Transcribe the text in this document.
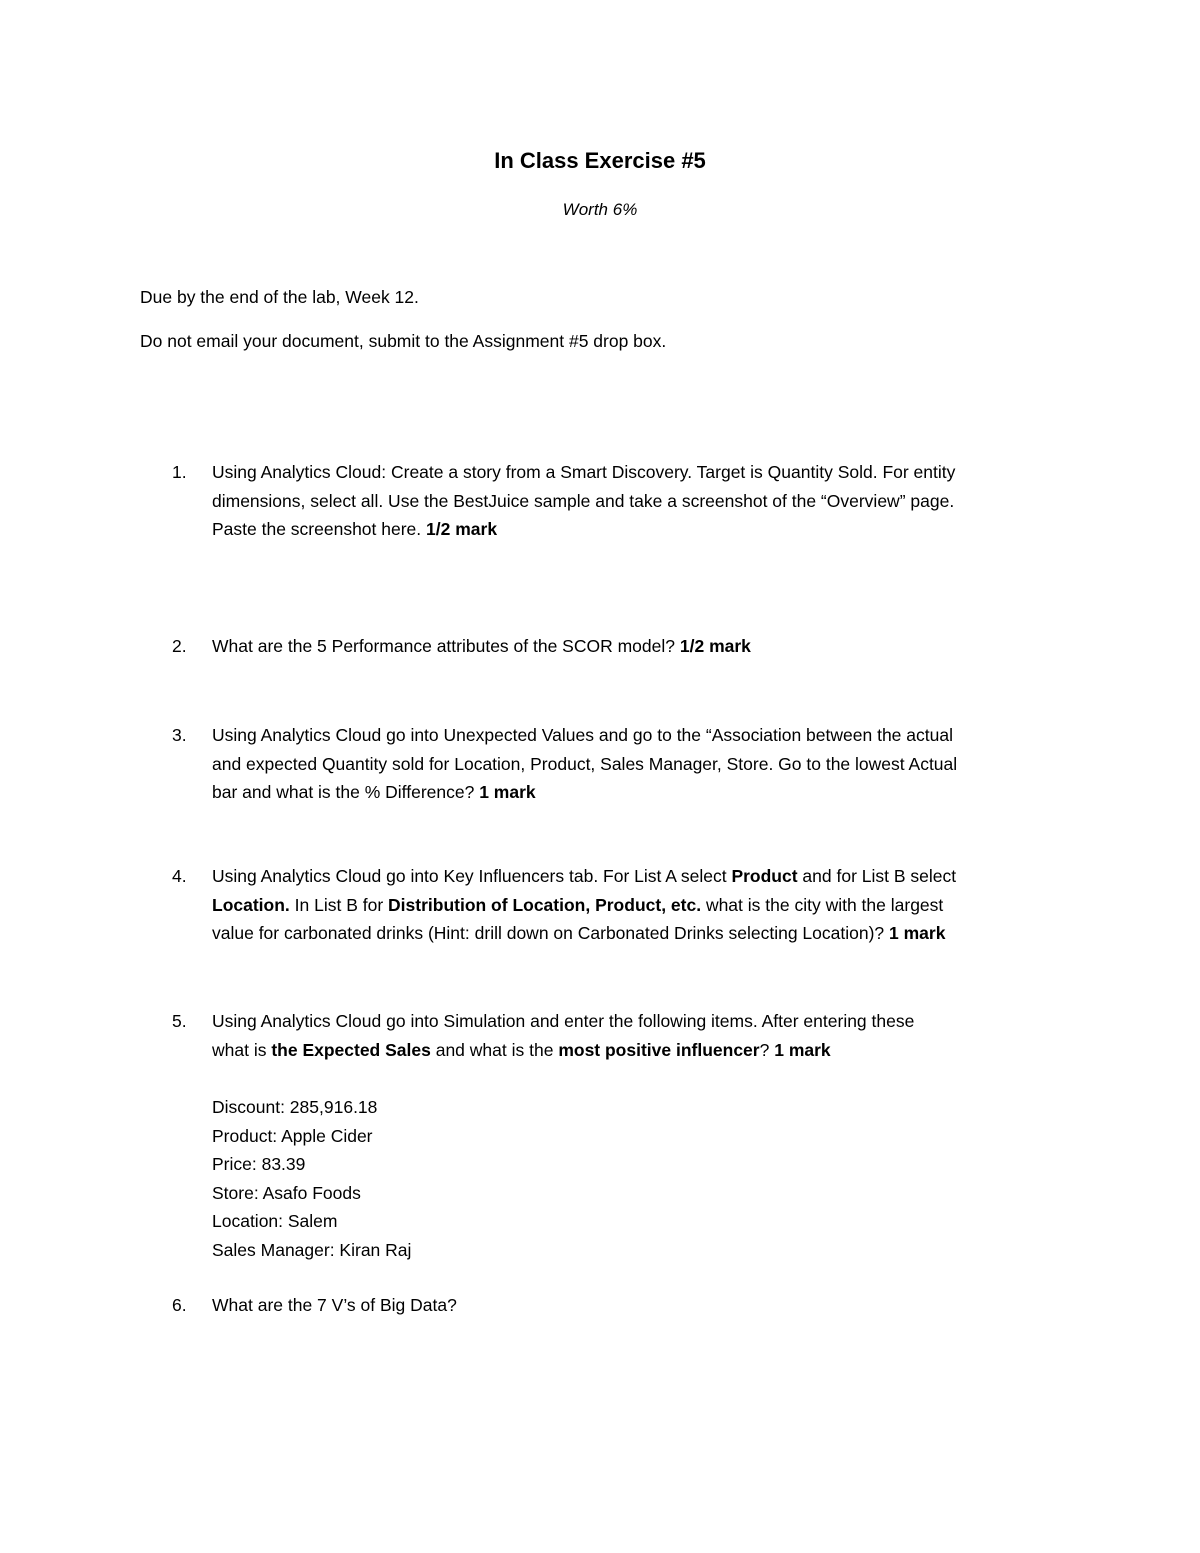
In Class Exercise #5
Worth 6%
Due by the end of the lab, Week 12.
Do not email your document, submit to the Assignment #5 drop box.
1. Using Analytics Cloud: Create a story from a Smart Discovery. Target is Quantity Sold. For entity
dimensions, select all. Use the BestJuice sample and take a screenshot of the “Overview” page.
Paste the screenshot here. 1/2 mark
2. What are the 5 Performance attributes of the SCOR model? 1/2 mark
3. Using Analytics Cloud go into Unexpected Values and go to the “Association between the actual
and expected Quantity sold for Location, Product, Sales Manager, Store. Go to the lowest Actual
bar and what is the % Difference? 1 mark
4. Using Analytics Cloud go into Key Influencers tab. For List A select Product and for List B select
Location. In List B for Distribution of Location, Product, etc. what is the city with the largest
value for carbonated drinks (Hint: drill down on Carbonated Drinks selecting Location)? 1 mark
5. Using Analytics Cloud go into Simulation and enter the following items. After entering these
what is the Expected Sales and what is the most positive influencer? 1 mark
Discount: 285,916.18
Product: Apple Cider
Price: 83.39
Store: Asafo Foods
Location: Salem
Sales Manager: Kiran Raj
6. What are the 7 V’s of Big Data?
